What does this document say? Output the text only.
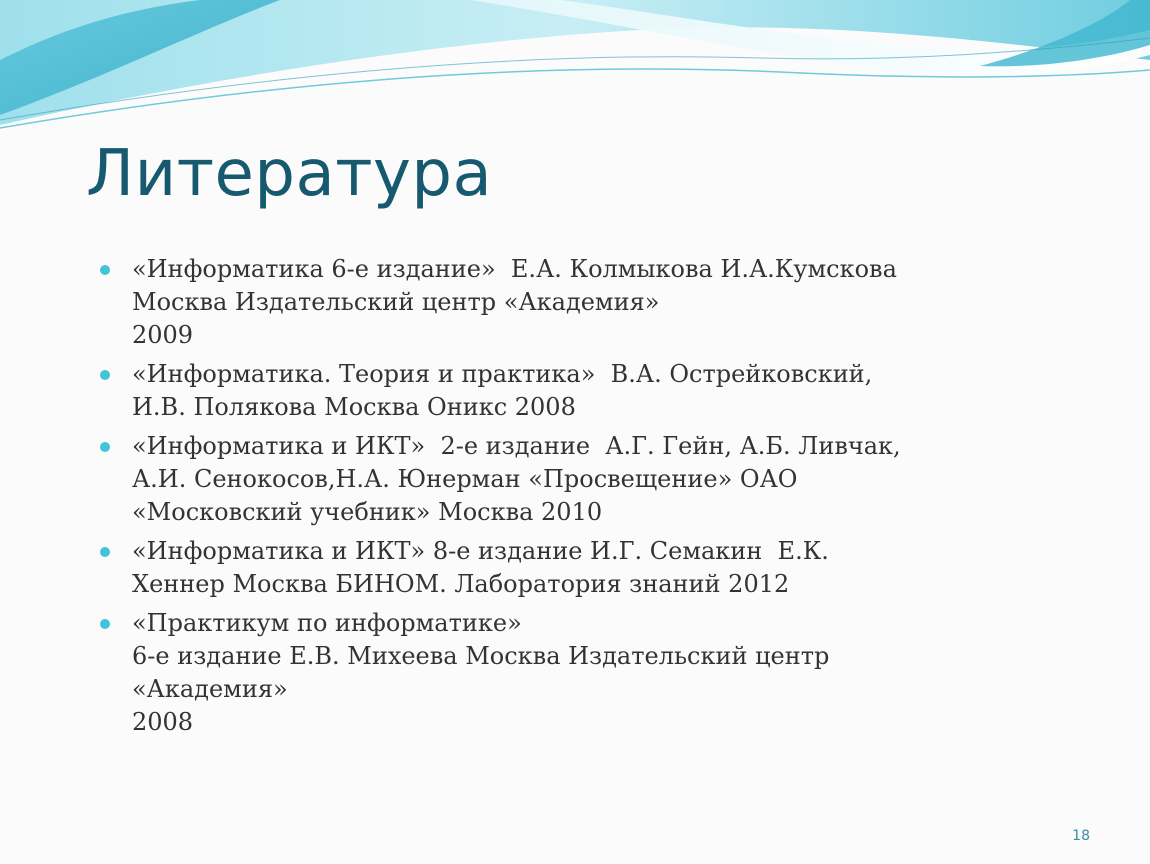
Литература
«Информатика 6-е издание»  Е.А. Колмыкова И.А.Кумскова
Москва Издательский центр «Академия»
2009
«Информатика. Теория и практика»  В.А. Острейковский,
И.В. Полякова Москва Оникс 2008
«Информатика и ИКТ»  2-е издание  А.Г. Гейн, А.Б. Ливчак,
А.И. Сенокосов,Н.А. Юнерман «Просвещение» ОАО
«Московский учебник» Москва 2010
«Информатика и ИКТ» 8-е издание И.Г. Семакин  Е.К.
Хеннер Москва БИНОМ. Лаборатория знаний 2012
«Практикум по информатике»
6-е издание Е.В. Михеева Москва Издательский центр
«Академия»
2008
18
